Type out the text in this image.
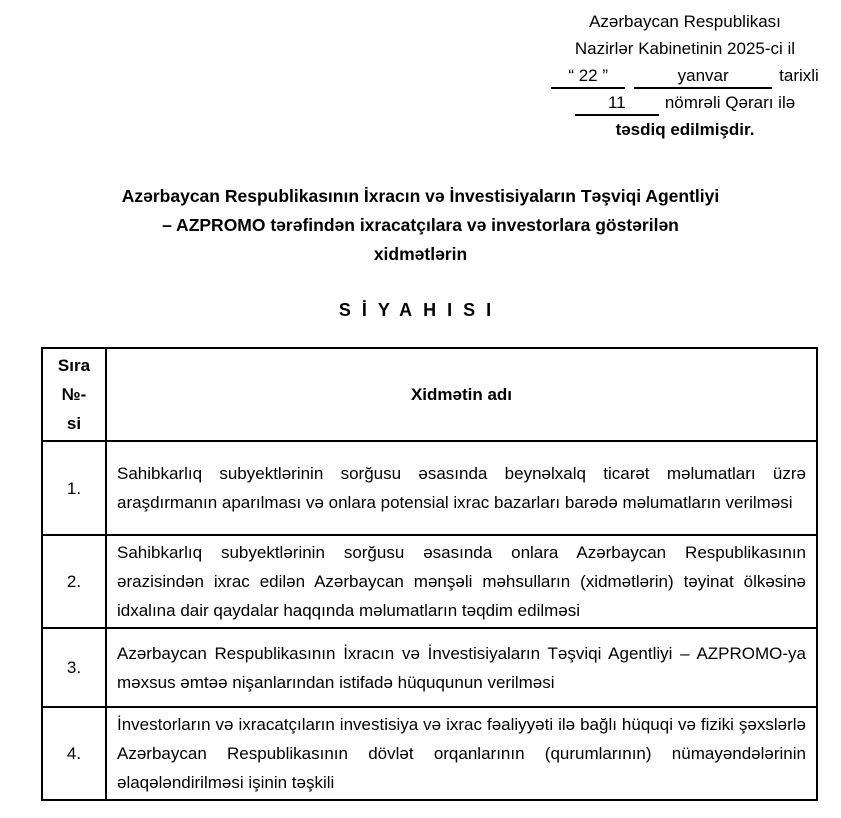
Azərbaycan Respublikası
Nazirlər Kabinetinin 2025-ci il
“ 22 ”	yanvar	tarixli
11 nömrəli Qərarı ilə
təsdiq edilmişdir.
Azərbaycan Respublikasının İxracın və İnvestisiyaların Təşviqi Agentliyi
– AZPROMO tərəfindən ixracatçılara və investorlara göstərilən
xidmətlərin
SİYAHISI
Sıra
№-
si	Xidmətin adı
1.	Sahibkarlıq subyektlərinin sorğusu əsasında beynəlxalq ticarət məlumatları üzrə araşdırmanın aparılması və onlara potensial ixrac bazarları barədə məlumatların verilməsi
2.	Sahibkarlıq subyektlərinin sorğusu əsasında onlara Azərbaycan Respublikasının ərazisindən ixrac edilən Azərbaycan mənşəli məhsulların (xidmətlərin) təyinat ölkəsinə idxalına dair qaydalar haqqında məlumatların təqdim edilməsi
3.	Azərbaycan Respublikasının İxracın və İnvestisiyaların Təşviqi Agentliyi – AZPROMO-ya məxsus əmtəə nişanlarından istifadə hüququnun verilməsi
4.	İnvestorların və ixracatçıların investisiya və ixrac fəaliyyəti ilə bağlı hüquqi və fiziki şəxslərlə Azərbaycan Respublikasının dövlət orqanlarının (qurumlarının) nümayəndələrinin əlaqələndirilməsi işinin təşkili
